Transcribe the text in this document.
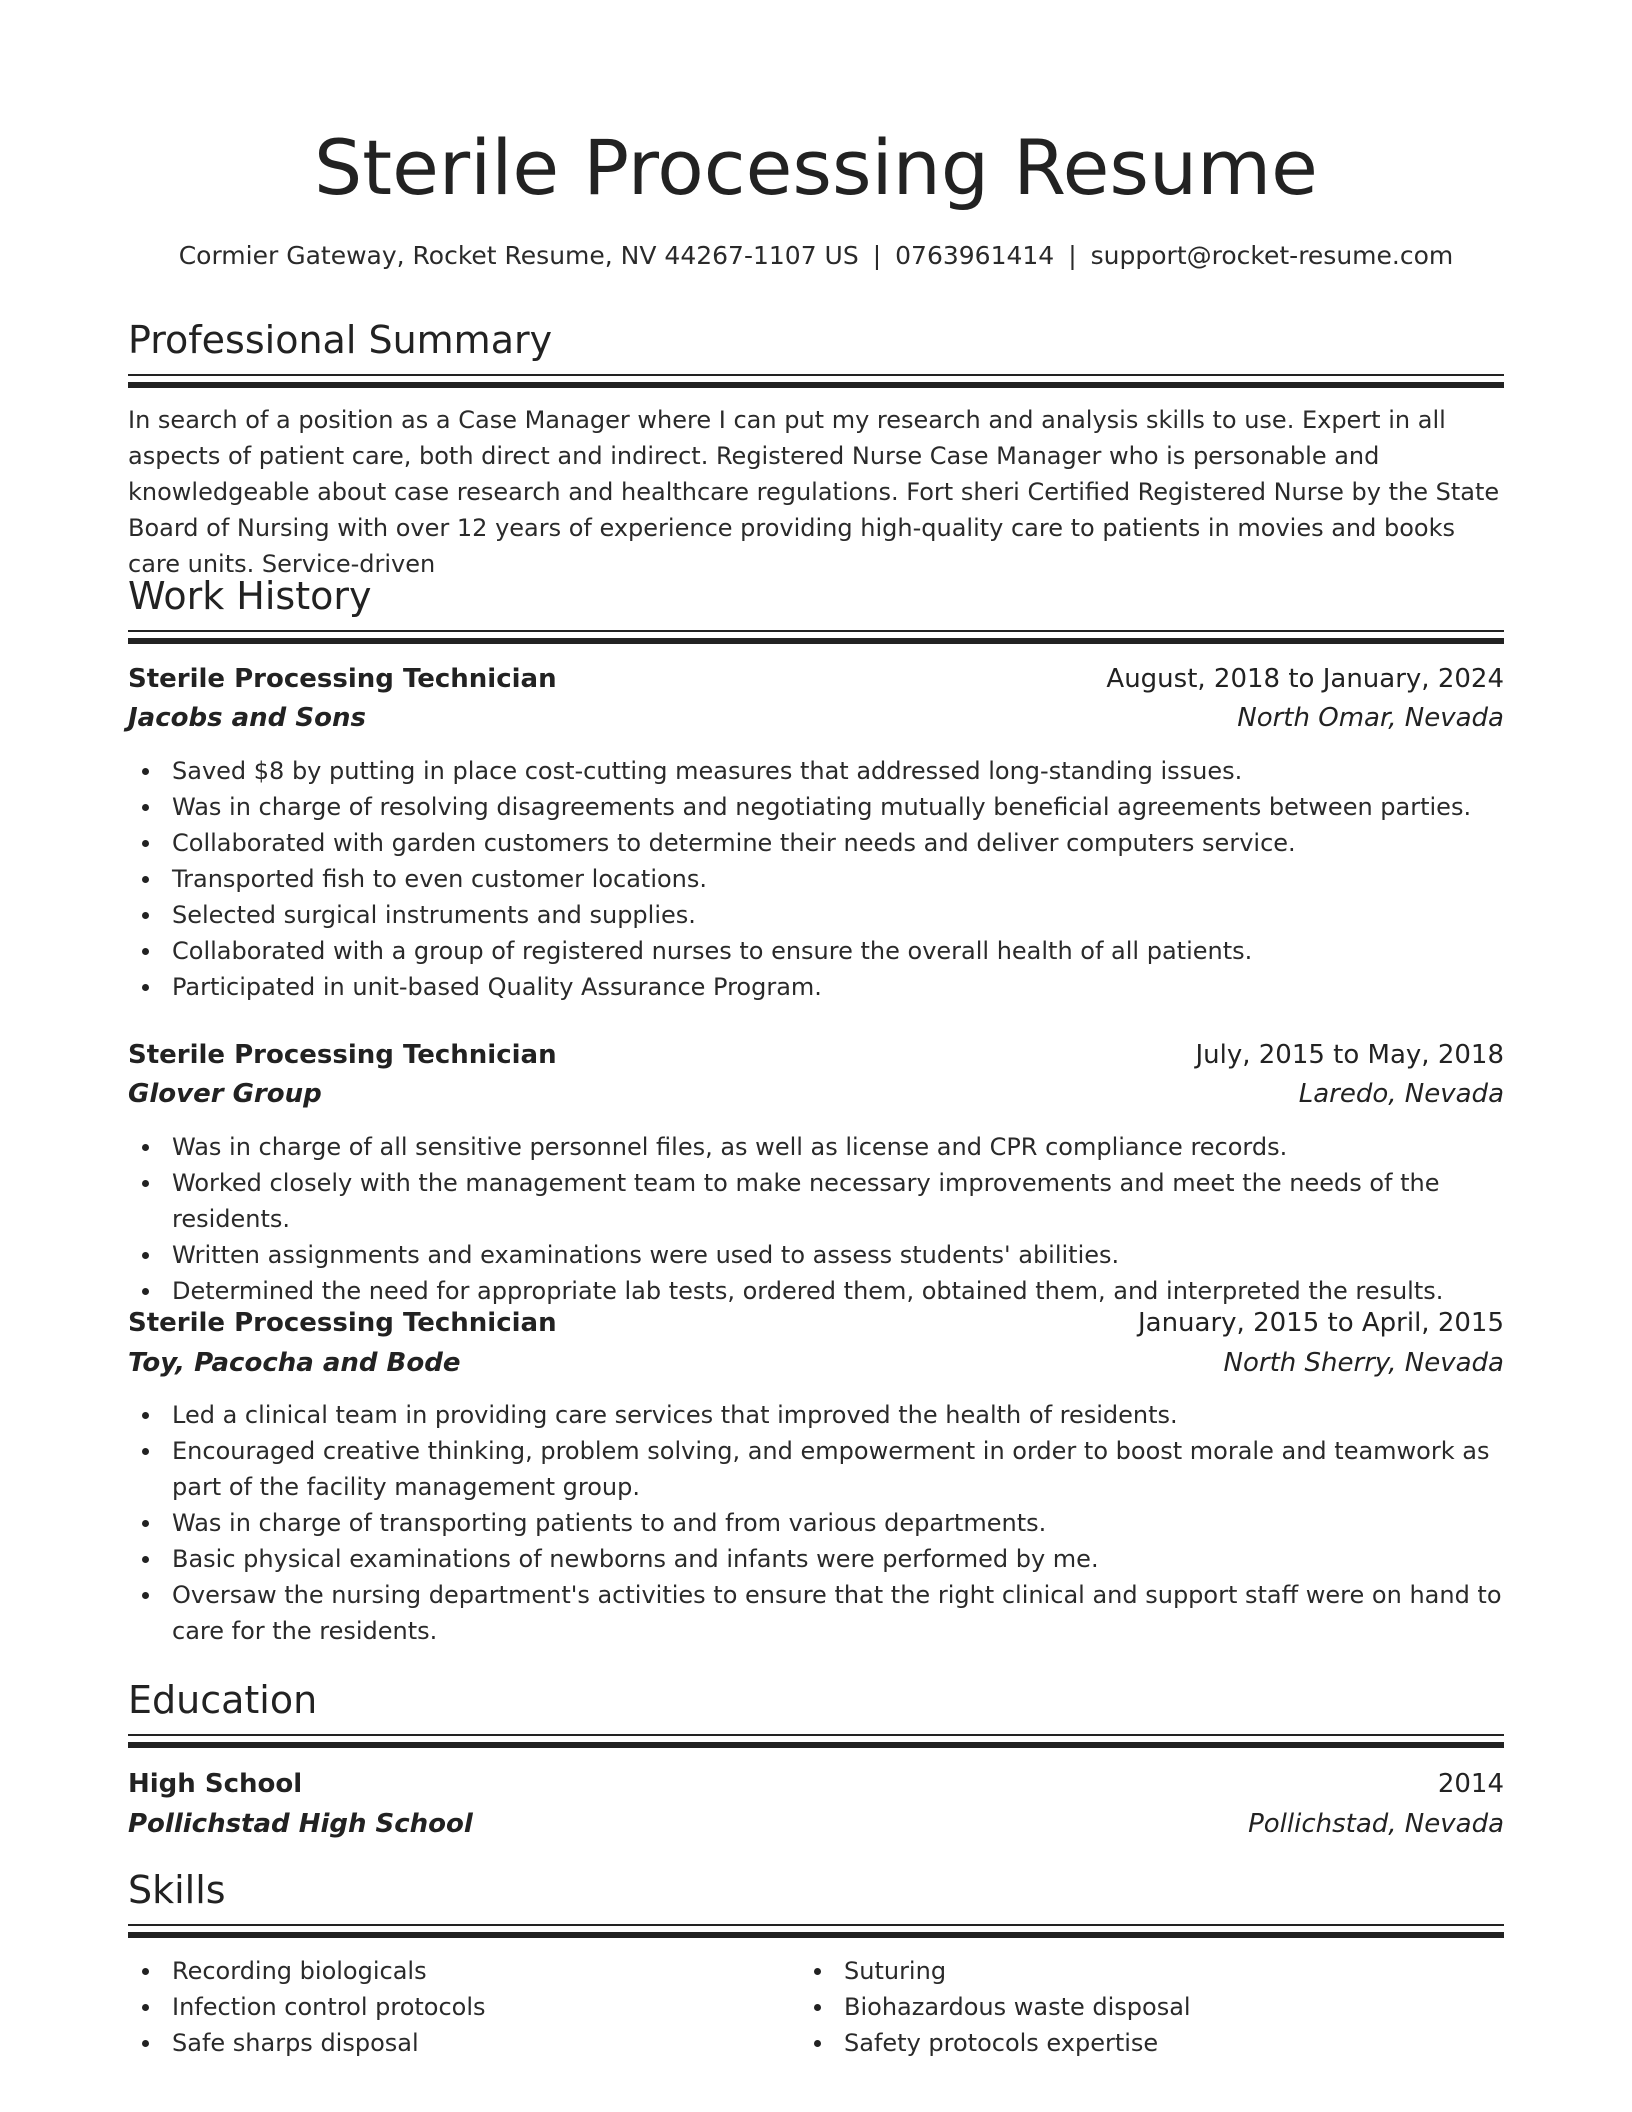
Sterile Processing Resume
Cormier Gateway, Rocket Resume, NV 44267-1107 US | 0763961414 | support@rocket-resume.com
Professional Summary
In search of a position as a Case Manager where I can put my research and analysis skills to use. Expert in all aspects of patient care, both direct and indirect. Registered Nurse Case Manager who is personable and knowledgeable about case research and healthcare regulations. Fort sheri Certified Registered Nurse by the State Board of Nursing with over 12 years of experience providing high-quality care to patients in movies and books care units. Service-driven
Work History
Sterile Processing Technician	August, 2018 to January, 2024
Jacobs and Sons	North Omar, Nevada
Saved $8 by putting in place cost-cutting measures that addressed long-standing issues.
Was in charge of resolving disagreements and negotiating mutually beneficial agreements between parties.
Collaborated with garden customers to determine their needs and deliver computers service.
Transported fish to even customer locations.
Selected surgical instruments and supplies.
Collaborated with a group of registered nurses to ensure the overall health of all patients.
Participated in unit-based Quality Assurance Program.
Sterile Processing Technician	July, 2015 to May, 2018
Glover Group	Laredo, Nevada
Was in charge of all sensitive personnel files, as well as license and CPR compliance records.
Worked closely with the management team to make necessary improvements and meet the needs of the residents.
Written assignments and examinations were used to assess students' abilities.
Determined the need for appropriate lab tests, ordered them, obtained them, and interpreted the results.
Sterile Processing Technician	January, 2015 to April, 2015
Toy, Pacocha and Bode	North Sherry, Nevada
Led a clinical team in providing care services that improved the health of residents.
Encouraged creative thinking, problem solving, and empowerment in order to boost morale and teamwork as part of the facility management group.
Was in charge of transporting patients to and from various departments.
Basic physical examinations of newborns and infants were performed by me.
Oversaw the nursing department's activities to ensure that the right clinical and support staff were on hand to care for the residents.
Education
High School	2014
Pollichstad High School	Pollichstad, Nevada
Skills
Recording biologicals
Infection control protocols
Safe sharps disposal
Suturing
Biohazardous waste disposal
Safety protocols expertise
